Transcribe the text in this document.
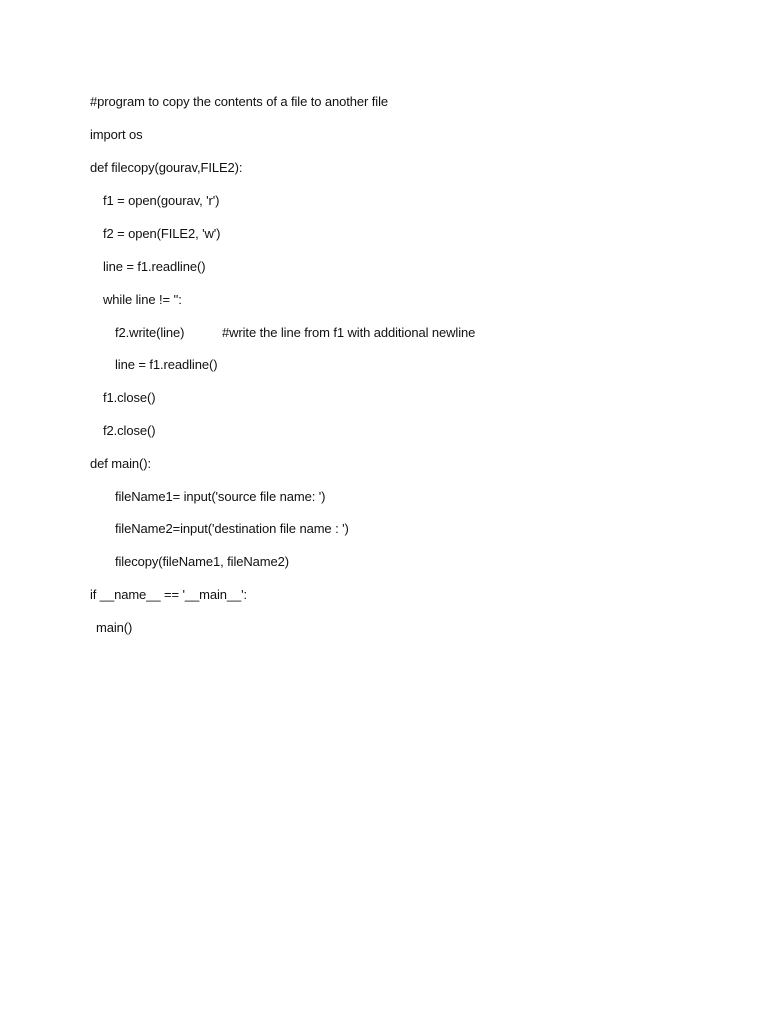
#program to copy the contents of a file to another file
import os
def filecopy(gourav,FILE2):
f1 = open(gourav, 'r')
f2 = open(FILE2, 'w')
line = f1.readline()
while line != '':
f2.write(line)	#write the line from f1 with additional newline
line = f1.readline()
f1.close()
f2.close()
def main():
fileName1= input('source file name: ')
fileName2=input('destination file name : ')
filecopy(fileName1, fileName2)
if __name__ == '__main__':
main()
